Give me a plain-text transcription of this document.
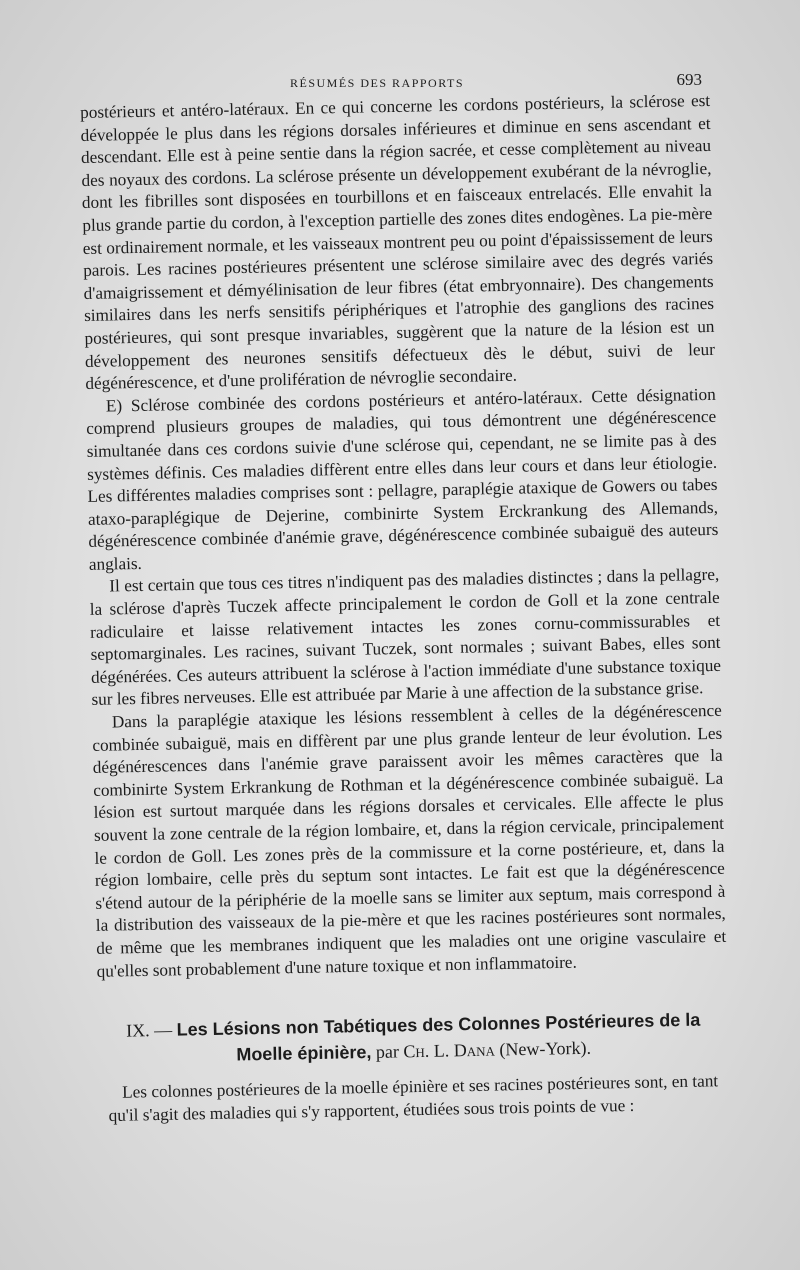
RÉSUMÉS DES RAPPORTS	693

postérieurs et antéro-latéraux. En ce qui concerne les cordons postérieurs, la sclérose est développée le plus dans les régions dorsales inférieures et diminue en sens ascendant et descendant. Elle est à peine sentie dans la région sacrée, et cesse complètement au niveau des noyaux des cordons. La sclérose présente un développement exubérant de la névroglie, dont les fibrilles sont disposées en tourbillons et en faisceaux entrelacés. Elle envahit la plus grande partie du cordon, à l'exception partielle des zones dites endogènes. La pie-mère est ordinairement normale, et les vaisseaux montrent peu ou point d'épaississement de leurs parois. Les racines postérieures présentent une sclérose similaire avec des degrés variés d'amaigrissement et démyélinisation de leur fibres (état embryonnaire). Des changements similaires dans les nerfs sensitifs périphériques et l'atrophie des ganglions des racines postérieures, qui sont presque invariables, suggèrent que la nature de la lésion est un développement des neurones sensitifs défectueux dès le début, suivi de leur dégénérescence, et d'une prolifération de névroglie secondaire.

E) Sclérose combinée des cordons postérieurs et antéro-latéraux. Cette désignation comprend plusieurs groupes de maladies, qui tous démontrent une dégénérescence simultanée dans ces cordons suivie d'une sclérose qui, cependant, ne se limite pas à des systèmes définis. Ces maladies diffèrent entre elles dans leur cours et dans leur étiologie. Les différentes maladies comprises sont : pellagre, paraplégie ataxique de Gowers ou tabes ataxo-paraplégique de Dejerine, combinirte System Erckrankung des Allemands, dégénérescence combinée d'anémie grave, dégénérescence combinée subaiguë des auteurs anglais.

Il est certain que tous ces titres n'indiquent pas des maladies distinctes ; dans la pellagre, la sclérose d'après Tuczek affecte principalement le cordon de Goll et la zone centrale radiculaire et laisse relativement intactes les zones cornu-commissurables et septomarginales. Les racines, suivant Tuczek, sont normales ; suivant Babes, elles sont dégénérées. Ces auteurs attribuent la sclérose à l'action immédiate d'une substance toxique sur les fibres nerveuses. Elle est attribuée par Marie à une affection de la substance grise.

Dans la paraplégie ataxique les lésions ressemblent à celles de la dégénérescence combinée subaiguë, mais en diffèrent par une plus grande lenteur de leur évolution. Les dégénérescences dans l'anémie grave paraissent avoir les mêmes caractères que la combinirte System Erkrankung de Rothman et la dégénérescence combinée subaiguë. La lésion est surtout marquée dans les régions dorsales et cervicales. Elle affecte le plus souvent la zone centrale de la région lombaire, et, dans la région cervicale, principalement le cordon de Goll. Les zones près de la commissure et la corne postérieure, et, dans la région lombaire, celle près du septum sont intactes. Le fait est que la dégénérescence s'étend autour de la périphérie de la moelle sans se limiter aux septum, mais correspond à la distribution des vaisseaux de la pie-mère et que les racines postérieures sont normales, de même que les membranes indiquent que les maladies ont une origine vasculaire et qu'elles sont probablement d'une nature toxique et non inflammatoire.

IX. — Les Lésions non Tabétiques des Colonnes Postérieures de la Moelle épinière, par Ch. L. Dana (New-York).

Les colonnes postérieures de la moelle épinière et ses racines postérieures sont, en tant qu'il s'agit des maladies qui s'y rapportent, étudiées sous trois points de vue :
